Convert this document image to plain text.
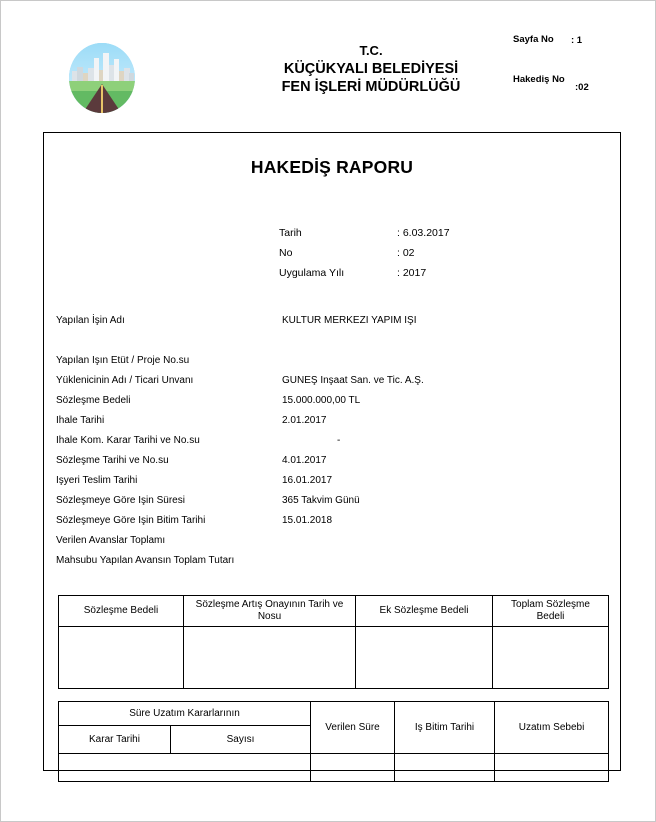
T.C.
KÜÇÜKYALI BELEDİYESİ
FEN İŞLERİ MÜDÜRLÜĞÜ
Sayfa No	: 1
Hakediş No
:02
HAKEDİŞ RAPORU
Tarih	: 6.03.2017
No	: 02
Uygulama Yılı	: 2017
Yapılan İşin Adı	KULTUR MERKEZI YAPIM IŞI
Yapılan Işın Etüt / Proje No.su
Yüklenicinin Adı / Ticari Unvanı	GUNEŞ Inşaat San. ve Tic. A.Ş.
Sözleşme Bedeli	15.000.000,00 TL
Ihale Tarihi	2.01.2017
Ihale Kom. Karar Tarihi ve No.su	-
Sözleşme Tarihi ve No.su	4.01.2017
Işyeri Teslim Tarihi	16.01.2017
Sözleşmeye Göre Işin Süresi	365 Takvim Günü
Sözleşmeye Göre Işin Bitim Tarihi	15.01.2018
Verilen Avanslar Toplamı
Mahsubu Yapılan Avansın Toplam Tutarı
Sözleşme Bedeli	Sözleşme Artış Onayının Tarih ve Nosu	Ek Sözleşme Bedeli	Toplam Sözleşme Bedeli

Süre Uzatım Kararlarının		Verilen Süre	Iş Bitim Tarihi	Uzatım Sebebi
Karar Tarihi	Sayısı			
